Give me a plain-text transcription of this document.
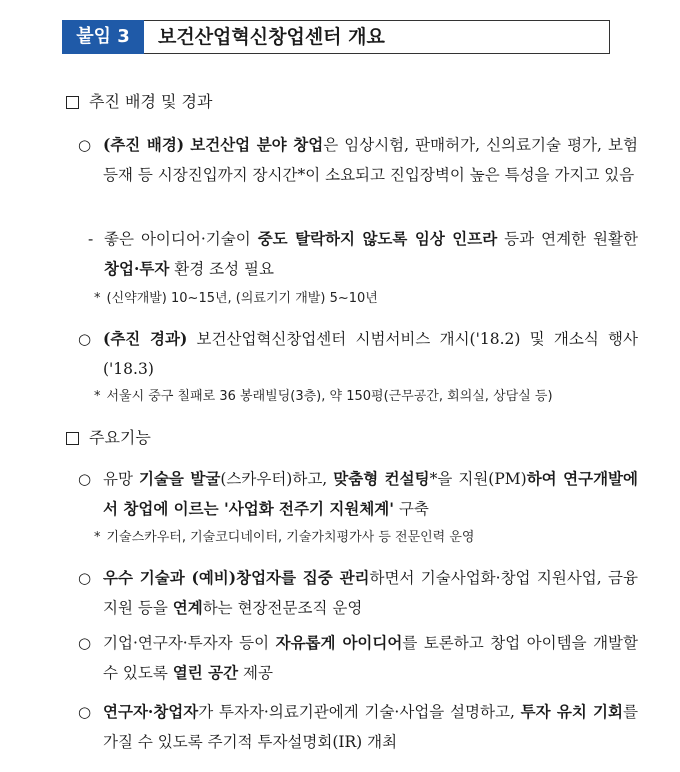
붙임 3	보건산업혁신창업센터 개요
추진 배경 및 경과
○ (추진 배경) 보건산업 분야 창업은 임상시험, 판매허가, 신의료기술 평가, 보험 등재 등 시장진입까지 장시간*이 소요되고 진입장벽이 높은 특성을 가지고 있음
- 좋은 아이디어·기술이 중도 탈락하지 않도록 임상 인프라 등과 연계한 원활한 창업·투자 환경 조성 필요
* (신약개발) 10~15년, (의료기기 개발) 5~10년
○ (추진 경과) 보건산업혁신창업센터 시범서비스 개시('18.2) 및 개소식 행사('18.3)
* 서울시 중구 칠패로 36 봉래빌딩(3층), 약 150평(근무공간, 회의실, 상담실 등)
주요기능
○ 유망 기술을 발굴(스카우터)하고, 맞춤형 컨설팅*을 지원(PM)하여 연구개발에서 창업에 이르는 '사업화 전주기 지원체계' 구축
* 기술스카우터, 기술코디네이터, 기술가치평가사 등 전문인력 운영
○ 우수 기술과 (예비)창업자를 집중 관리하면서 기술사업화·창업 지원사업, 금융 지원 등을 연계하는 현장전문조직 운영
○ 기업·연구자·투자자 등이 자유롭게 아이디어를 토론하고 창업 아이템을 개발할 수 있도록 열린 공간 제공
○ 연구자·창업자가 투자자·의료기관에게 기술·사업을 설명하고, 투자 유치 기회를 가질 수 있도록 주기적 투자설명회(IR) 개최
